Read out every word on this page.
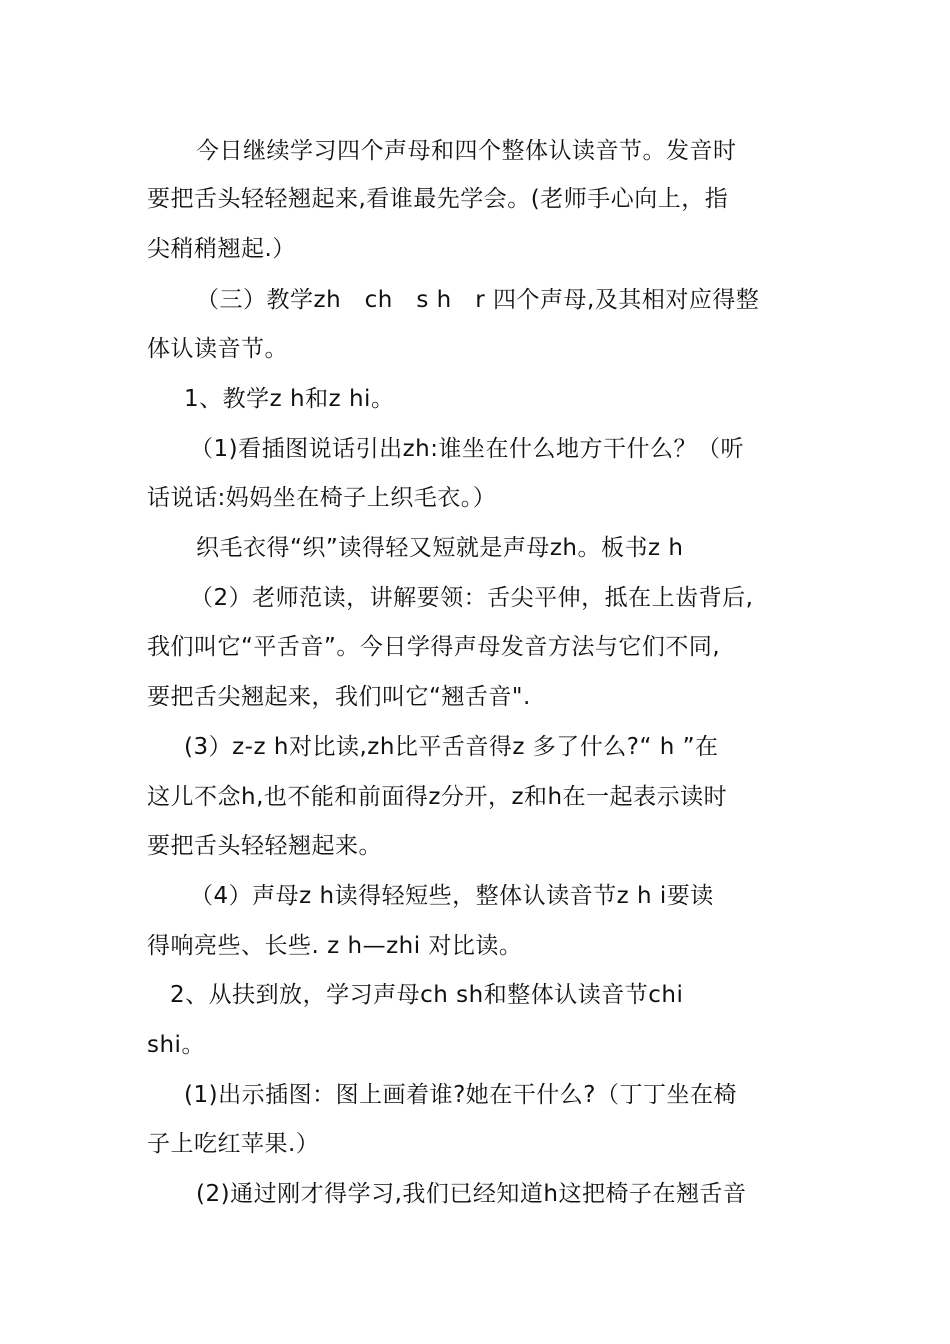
今日继续学习四个声母和四个整体认读音节。发音时
要把舌头轻轻翘起来,看谁最先学会。(老师手心向上，指
尖稍稍翘起.）
（三）教学zh　ch　s h　r 四个声母,及其相对应得整
体认读音节。
1、教学z h和z hi。
（1)看插图说话引出zh:谁坐在什么地方干什么？（听
话说话:妈妈坐在椅子上织毛衣。）
织毛衣得“织”读得轻又短就是声母zh。板书z h
（2）老师范读，讲解要领：舌尖平伸，抵在上齿背后,
我们叫它“平舌音”。今日学得声母发音方法与它们不同,
要把舌尖翘起来，我们叫它“翘舌音".
(3）z-z h对比读,zh比平舌音得z 多了什么?“ h ”在
这儿不念h,也不能和前面得z分开，z和h在一起表示读时
要把舌头轻轻翘起来。
（4）声母z h读得轻短些，整体认读音节z h i要读
得响亮些、长些. z h—zhi 对比读。
2、从扶到放，学习声母ch sh和整体认读音节chi
shi。
(1)出示插图：图上画着谁?她在干什么?（丁丁坐在椅
子上吃红苹果.）
(2)通过刚才得学习,我们已经知道h这把椅子在翘舌音
